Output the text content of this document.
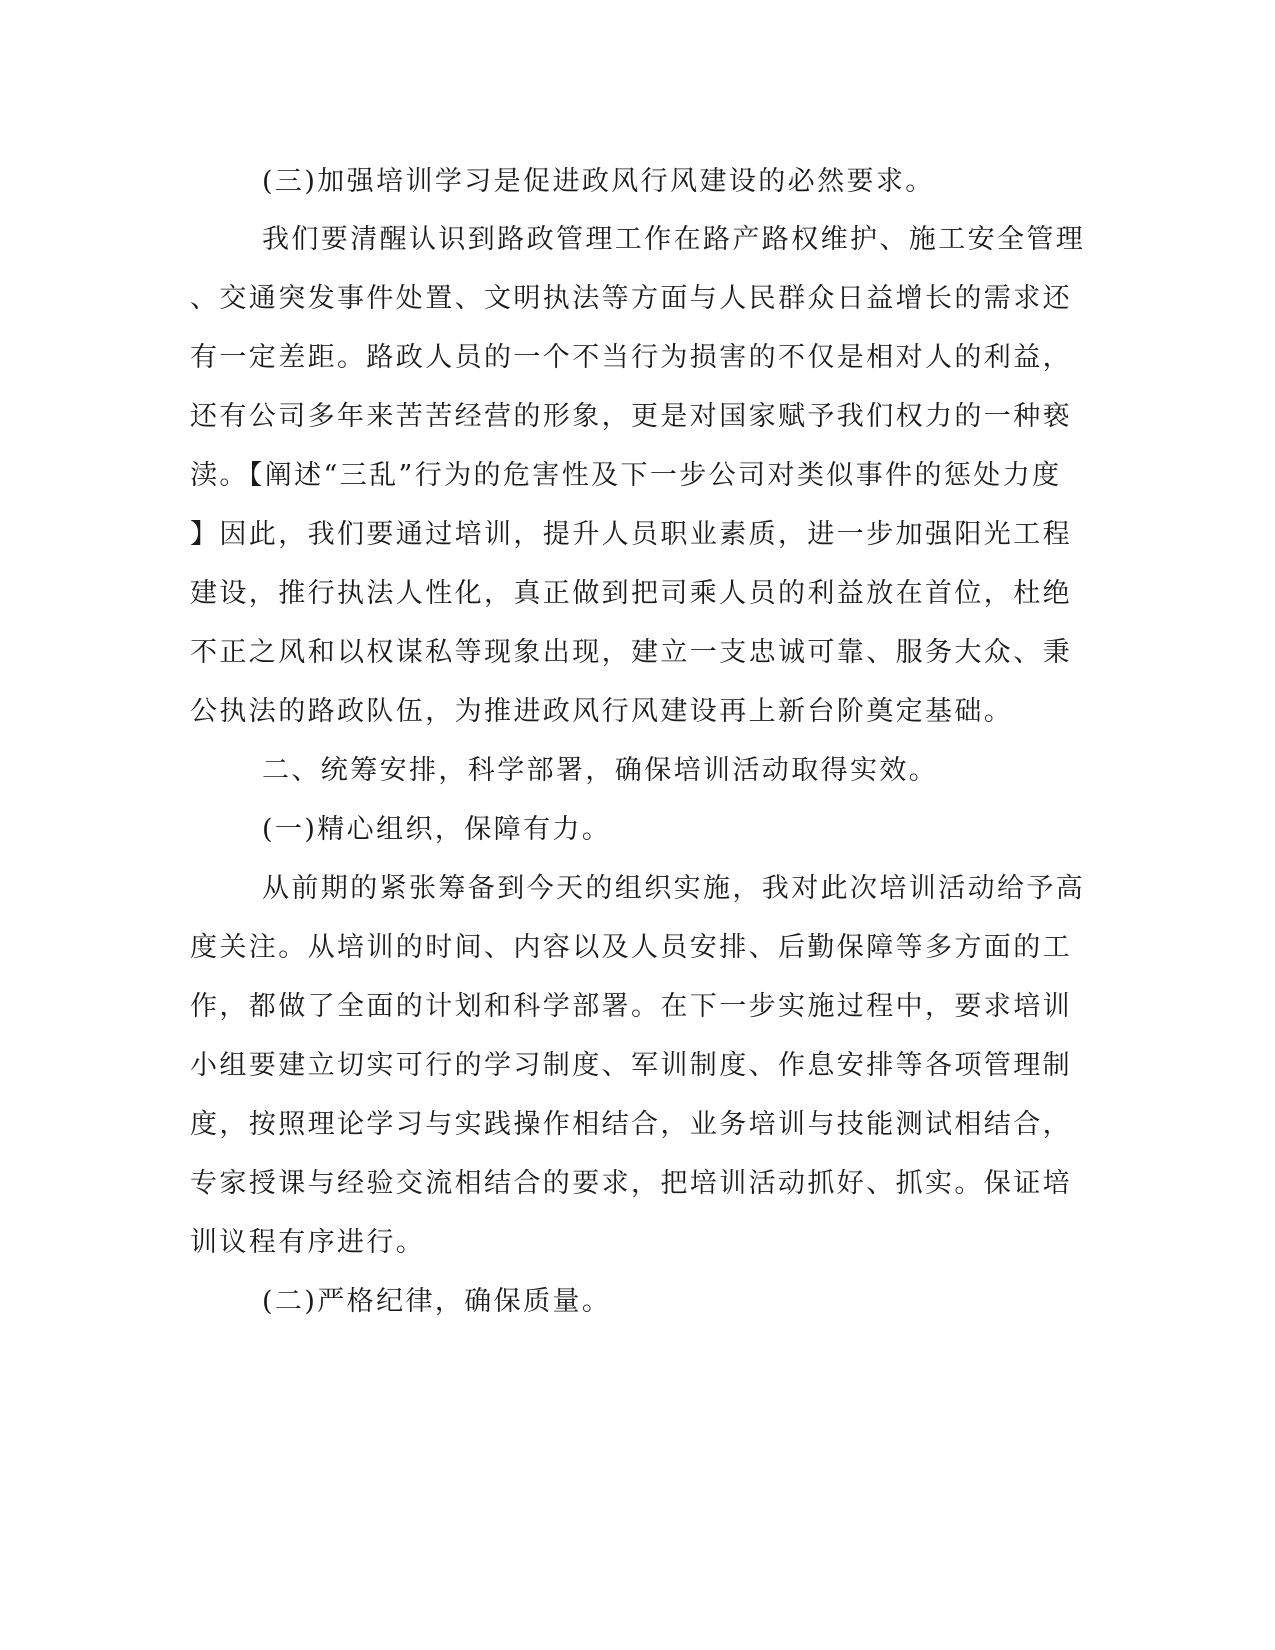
(三)加强培训学习是促进政风行风建设的必然要求。
我们要清醒认识到路政管理工作在路产路权维护、施工安全管理
、交通突发事件处置、文明执法等方面与人民群众日益增长的需求还
有一定差距。路政人员的一个不当行为损害的不仅是相对人的利益，
还有公司多年来苦苦经营的形象，更是对国家赋予我们权力的一种亵
渎。【阐述“三乱”行为的危害性及下一步公司对类似事件的惩处力度
】因此，我们要通过培训，提升人员职业素质，进一步加强阳光工程
建设，推行执法人性化，真正做到把司乘人员的利益放在首位，杜绝
不正之风和以权谋私等现象出现，建立一支忠诚可靠、服务大众、秉
公执法的路政队伍，为推进政风行风建设再上新台阶奠定基础。
二、统筹安排，科学部署，确保培训活动取得实效。
(一)精心组织，保障有力。
从前期的紧张筹备到今天的组织实施，我对此次培训活动给予高
度关注。从培训的时间、内容以及人员安排、后勤保障等多方面的工
作，都做了全面的计划和科学部署。在下一步实施过程中，要求培训
小组要建立切实可行的学习制度、军训制度、作息安排等各项管理制
度，按照理论学习与实践操作相结合，业务培训与技能测试相结合，
专家授课与经验交流相结合的要求，把培训活动抓好、抓实。保证培
训议程有序进行。
(二)严格纪律，确保质量。
